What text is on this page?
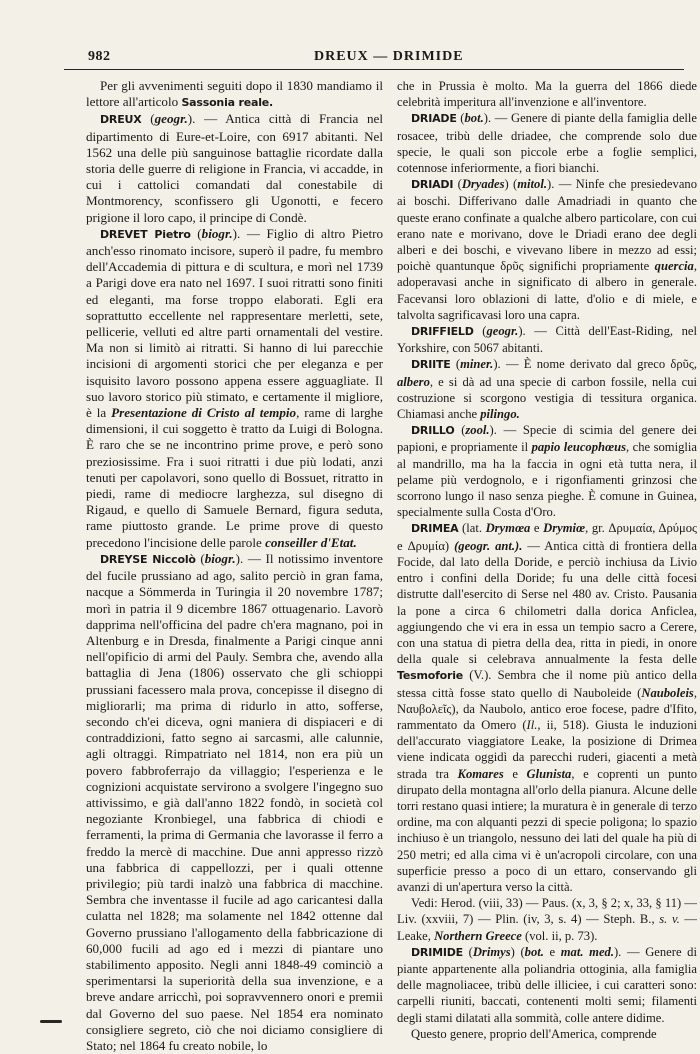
982	DREUX — DRIMIDE

Per gli avvenimenti seguiti dopo il 1830 mandiamo il lettore all'articolo Sassonia reale.

DREUX (geogr.). — Antica città di Francia nel dipartimento di Eure-et-Loire, con 6917 abitanti. Nel 1562 una delle più sanguinose battaglie ricordate dalla storia delle guerre di religione in Francia, vi accadde, in cui i cattolici comandati dal conestabile di Montmorency, sconfissero gli Ugonotti, e fecero prigione il loro capo, il principe di Condè.

DREVET Pietro (biogr.). — Figlio di altro Pietro anch'esso rinomato incisore, superò il padre, fu membro dell'Accademia di pittura e di scultura, e morì nel 1739 a Parigi dove era nato nel 1697. I suoi ritratti sono finiti ed eleganti, ma forse troppo elaborati. Egli era soprattutto eccellente nel rappresentare merletti, sete, pellicerie, velluti ed altre parti ornamentali del vestire. Ma non si limitò ai ritratti. Si hanno di lui parecchie incisioni di argomenti storici che per eleganza e per isquisito lavoro possono appena essere agguagliate. Il suo lavoro storico più stimato, e certamente il migliore, è la Presentazione di Cristo al tempio, rame di larghe dimensioni, il cui soggetto è tratto da Luigi di Bologna. È raro che se ne incontrino prime prove, e però sono preziosissime. Fra i suoi ritratti i due più lodati, anzi tenuti per capolavori, sono quello di Bossuet, ritratto in piedi, rame di mediocre larghezza, sul disegno di Rigaud, e quello di Samuele Bernard, figura seduta, rame piuttosto grande. Le prime prove di questo precedono l'incisione delle parole conseiller d'Etat.

DREYSE Niccolò (biogr.). — Il notissimo inventore del fucile prussiano ad ago, salito perciò in gran fama, nacque a Sömmerda in Turingia il 20 novembre 1787; morì in patria il 9 dicembre 1867 ottuagenario. Lavorò dapprima nell'officina del padre ch'era magnano, poi in Altenburg e in Dresda, finalmente a Parigi cinque anni nell'opificio di armi del Pauly. Sembra che, avendo alla battaglia di Jena (1806) osservato che gli schioppi prussiani facessero mala prova, concepisse il disegno di migliorarli; ma prima di ridurlo in atto, sofferse, secondo ch'ei diceva, ogni maniera di dispiaceri e di contraddizioni, fatto segno ai sarcasmi, alle calunnie, agli oltraggi. Rimpatriato nel 1814, non era più un povero fabbroferrajo da villaggio; l'esperienza e le cognizioni acquistate servirono a svolgere l'ingegno suo attivissimo, e già dall'anno 1822 fondò, in società col negoziante Kronbiegel, una fabbrica di chiodi e ferramenti, la prima di Germania che lavorasse il ferro a freddo la mercè di macchine. Due anni appresso rizzò una fabbrica di cappellozzi, per i quali ottenne privilegio; più tardi inalzò una fabbrica di macchine. Sembra che inventasse il fucile ad ago caricantesi dalla culatta nel 1828; ma solamente nel 1842 ottenne dal Governo prussiano l'allogamento della fabbricazione di 60,000 fucili ad ago ed i mezzi di piantare uno stabilimento apposito. Negli anni 1848-49 cominciò a sperimentarsi la superiorità della sua invenzione, e a breve andare arricchì, poi sopravvennero onori e premii dal Governo del suo paese. Nel 1854 era nominato consigliere segreto, ciò che noi diciamo consigliere di Stato; nel 1864 fu creato nobile, lo

che in Prussia è molto. Ma la guerra del 1866 diede celebrità imperitura all'invenzione e all'inventore.

DRIADE (bot.). — Genere di piante della famiglia delle rosacee, tribù delle driadee, che comprende solo due specie, le quali son piccole erbe a foglie semplici, cotennose inferiormente, a fiori bianchi.

DRIADI (Dryades) (mitol.). — Ninfe che presiedevano ai boschi. Differivano dalle Amadriadi in quanto che queste erano confinate a qualche albero particolare, con cui erano nate e morivano, dove le Driadi erano dee degli alberi e dei boschi, e vivevano libere in mezzo ad essi; poichè quantunque δρῦς significhi propriamente quercia, adoperavasi anche in significato di albero in generale. Facevansi loro oblazioni di latte, d'olio e di miele, e talvolta sagrificavasi loro una capra.

DRIFFIELD (geogr.). — Città dell'East-Riding, nel Yorkshire, con 5067 abitanti.

DRIITE (miner.). — È nome derivato dal greco δρῦς, albero, e si dà ad una specie di carbon fossile, nella cui costruzione si scorgono vestigia di tessitura organica. Chiamasi anche pilingo.

DRILLO (zool.). — Specie di scimia del genere dei papioni, e propriamente il papio leucophœus, che somiglia al mandrillo, ma ha la faccia in ogni età tutta nera, il pelame più verdognolo, e i rigonfiamenti grinzosi che scorrono lungo il naso senza pieghe. È comune in Guinea, specialmente sulla Costa d'Oro.

DRIMEA (lat. Drymœa e Drymiœ, gr. Δρυμαία, Δρύμος e Δρυμία) (geogr. ant.). — Antica città di frontiera della Focide, dal lato della Doride, e perciò inchiusa da Livio entro i confini della Doride; fu una delle città focesi distrutte dall'esercito di Serse nel 480 av. Cristo. Pausania la pone a circa 6 chilometri dalla dorica Anficlea, aggiungendo che vi era in essa un tempio sacro a Cerere, con una statua di pietra della dea, ritta in piedi, in onore della quale si celebrava annualmente la festa delle Tesmoforie (V.). Sembra che il nome più antico della stessa città fosse stato quello di Nauboleide (Nauboleis, Ναυβολεῖς), da Naubolo, antico eroe focese, padre d'Ifito, rammentato da Omero (Il., ii, 518). Giusta le induzioni dell'accurato viaggiatore Leake, la posizione di Drimea viene indicata oggidì da parecchi ruderi, giacenti a metà strada tra Komares e Glunista, e coprenti un punto dirupato della montagna all'orlo della pianura. Alcune delle torri restano quasi intiere; la muratura è in generale di terzo ordine, ma con alquanti pezzi di specie poligona; lo spazio inchiuso è un triangolo, nessuno dei lati del quale ha più di 250 metri; ed alla cima vi è un'acropoli circolare, con una superficie presso a poco di un ettaro, conservando gli avanzi di un'apertura verso la città.

Vedi: Herod. (viii, 33) — Paus. (x, 3, § 2; x, 33, § 11) — Liv. (xxviii, 7) — Plin. (iv, 3, s. 4) — Steph. B., s. v. — Leake, Northern Greece (vol. ii, p. 73).

DRIMIDE (Drimys) (bot. e mat. med.). — Genere di piante appartenente alla poliandria ottoginia, alla famiglia delle magnoliacee, tribù delle illiciee, i cui caratteri sono: carpelli riuniti, baccati, contenenti molti semi; filamenti degli stami dilatati alla sommità, colle antere didime.

Questo genere, proprio dell'America, comprende
